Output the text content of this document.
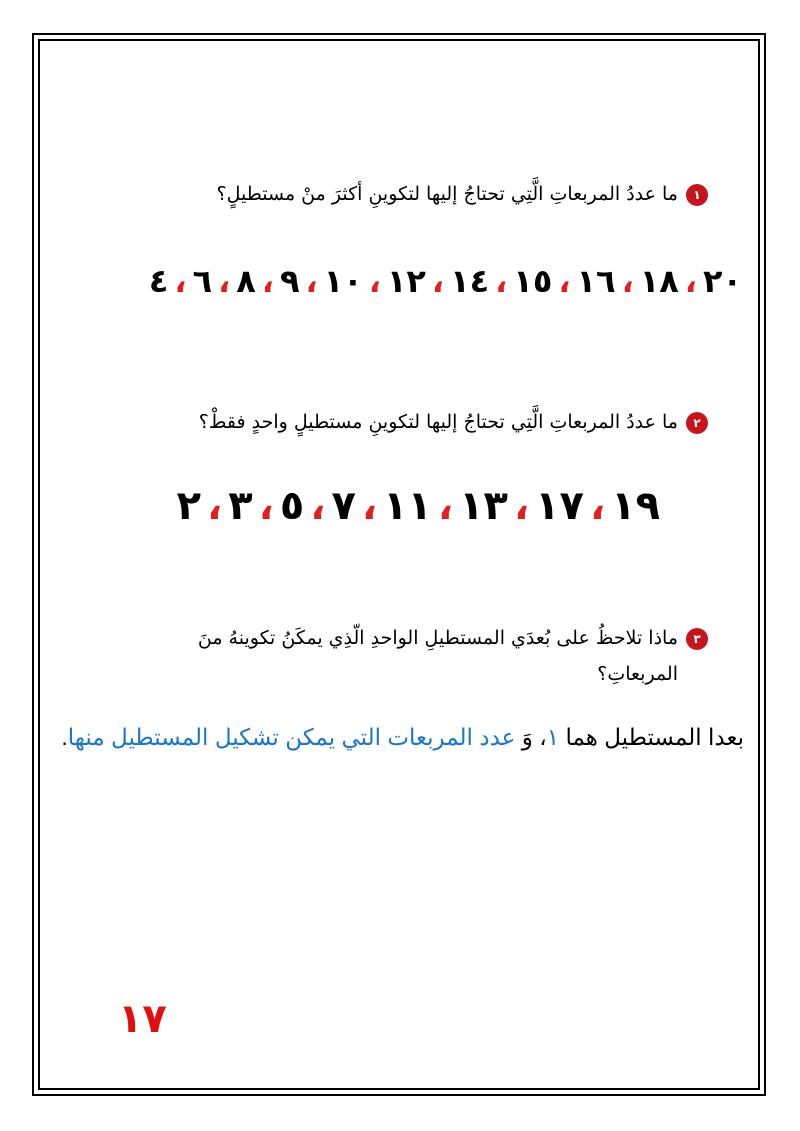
١ما عددُ المربعاتِ الَّتِي تحتاجُ إليها لتكوينِ أكثرَ منْ مستطيلٍ؟
٤ ، ٦ ، ٨ ، ٩ ، ١٠ ، ١٢ ، ١٤ ، ١٥ ، ١٦ ، ١٨ ، ٢٠
٢ما عددُ المربعاتِ الَّتِي تحتاجُ إليها لتكوينِ مستطيلٍ واحدٍ فقطْ؟
٢ ، ٣ ، ٥ ، ٧ ، ١١ ، ١٣ ، ١٧ ، ١٩
٣ماذا تلاحظُ على بُعدَي المستطيلِ الواحدِ الّذِي يمكَنُ تكوينهُ منَ
المربعاتِ؟
بعدا المستطيل هما ١، وَ عدد المربعات التي يمكن تشكيل المستطيل منها.
١٧
